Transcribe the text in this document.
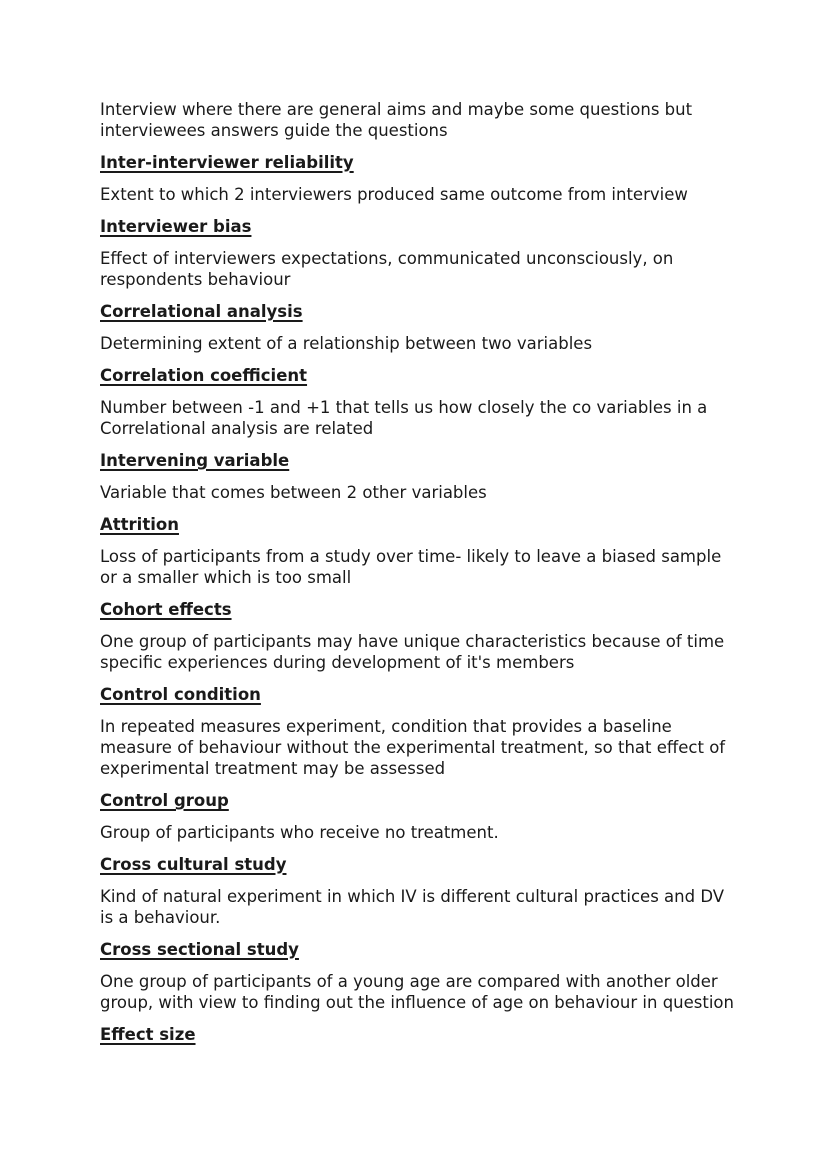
Interview where there are general aims and maybe some questions but interviewees answers guide the questions

Inter-interviewer reliability
Extent to which 2 interviewers produced same outcome from interview
Interviewer bias
Effect of interviewers expectations, communicated unconsciously, on respondents behaviour
Correlational analysis
Determining extent of a relationship between two variables
Correlation coefficient
Number between -1 and +1 that tells us how closely the co variables in a Correlational analysis are related
Intervening variable
Variable that comes between 2 other variables
Attrition
Loss of participants from a study over time- likely to leave a biased sample or a smaller which is too small
Cohort effects
One group of participants may have unique characteristics because of time specific experiences during development of it's members
Control condition
In repeated measures experiment, condition that provides a baseline measure of behaviour without the experimental treatment, so that effect of experimental treatment may be assessed
Control group
Group of participants who receive no treatment.
Cross cultural study
Kind of natural experiment in which IV is different cultural practices and DV is a behaviour.
Cross sectional study
One group of participants of a young age are compared with another older group, with view to finding out the influence of age on behaviour in question
Effect size
